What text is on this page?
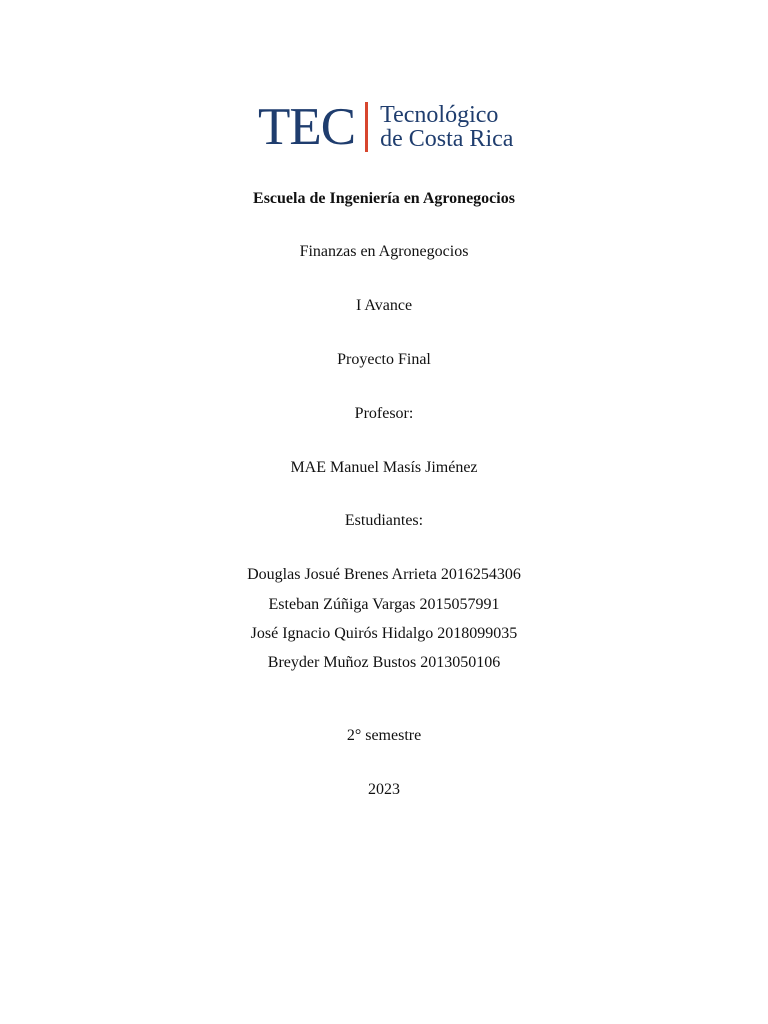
TEC Tecnológico
de Costa Rica
Escuela de Ingeniería en Agronegocios
Finanzas en Agronegocios
I Avance
Proyecto Final
Profesor:
MAE Manuel Masís Jiménez
Estudiantes:
Douglas Josué Brenes Arrieta 2016254306
Esteban Zúñiga Vargas 2015057991
José Ignacio Quirós Hidalgo 2018099035
Breyder Muñoz Bustos 2013050106
2° semestre
2023
